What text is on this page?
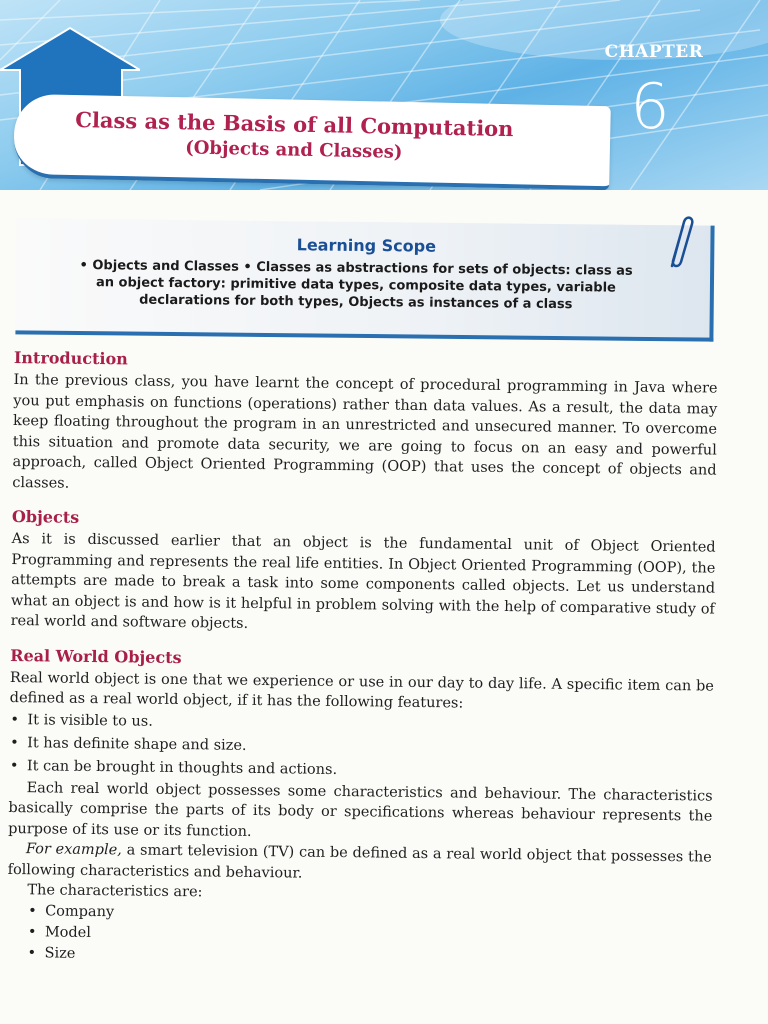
CHAPTER
6
Class as the Basis of all Computation
(Objects and Classes)
Learning Scope
• Objects and Classes • Classes as abstractions for sets of objects: class as an object factory: primitive data types, composite data types, variable declarations for both types, Objects as instances of a class
Introduction

In the previous class, you have learnt the concept of procedural programming in Java where you put emphasis on functions (operations) rather than data values. As a result, the data may keep floating throughout the program in an unrestricted and unsecured manner. To overcome this situation and promote data security, we are going to focus on an easy and powerful approach, called Object Oriented Programming (OOP) that uses the concept of objects and classes.

Objects

As it is discussed earlier that an object is the fundamental unit of Object Oriented Programming and represents the real life entities. In Object Oriented Programming (OOP), the attempts are made to break a task into some components called objects. Let us understand what an object is and how is it helpful in problem solving with the help of comparative study of real world and software objects.

Real World Objects

Real world object is one that we experience or use in our day to day life. A specific item can be defined as a real world object, if it has the following features:

• It is visible to us.
• It has definite shape and size.
• It can be brought in thoughts and actions.

Each real world object possesses some characteristics and behaviour. The characteristics basically comprise the parts of its body or specifications whereas behaviour represents the purpose of its use or its function.

For example, a smart television (TV) can be defined as a real world object that possesses the following characteristics and behaviour.

The characteristics are:
• Company
• Model
• Size
